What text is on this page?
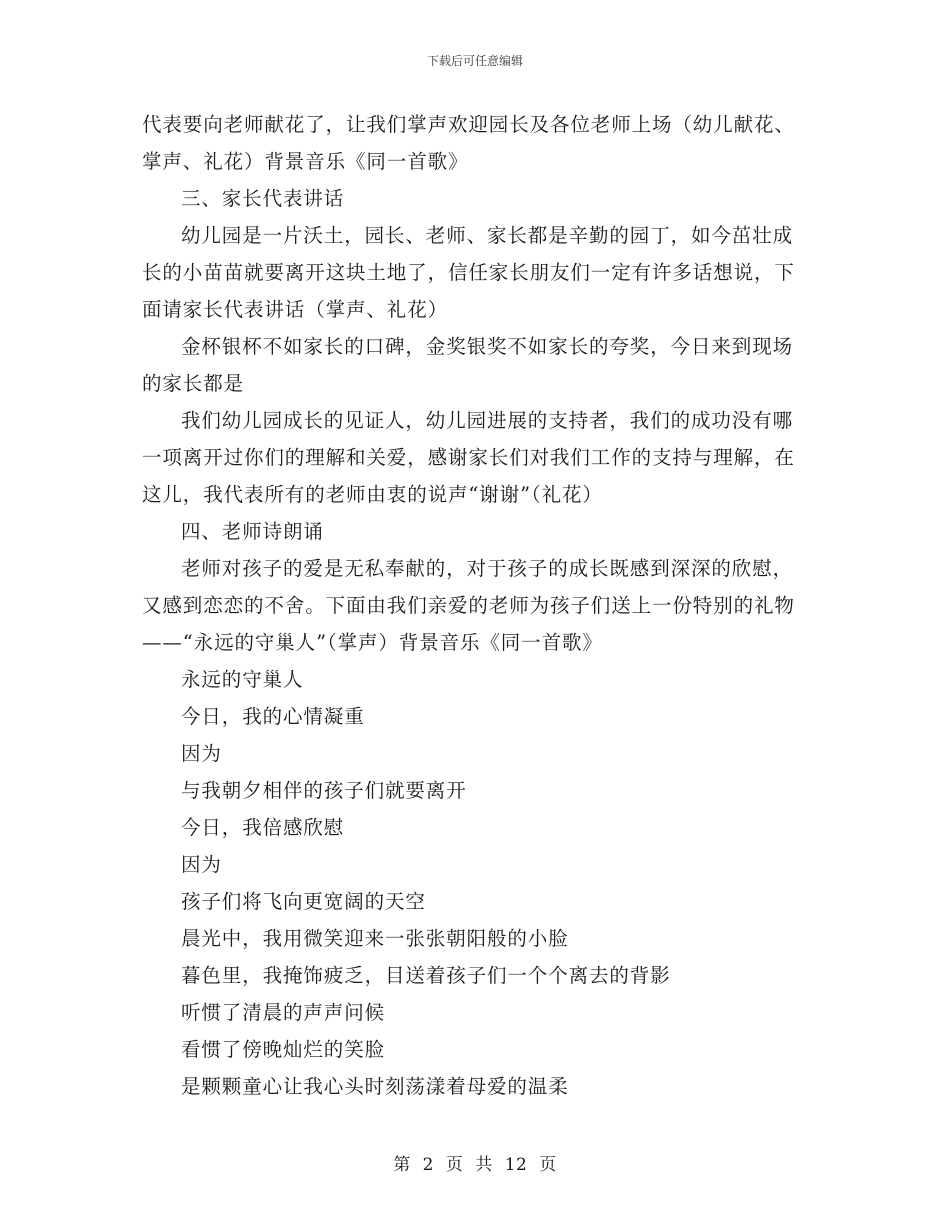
下载后可任意编辑

代表要向老师献花了，让我们掌声欢迎园长及各位老师上场（幼儿献花、掌声、礼花）背景音乐《同一首歌》

三、家长代表讲话

幼儿园是一片沃土，园长、老师、家长都是辛勤的园丁，如今茁壮成长的小苗苗就要离开这块土地了，信任家长朋友们一定有许多话想说，下面请家长代表讲话（掌声、礼花）

金杯银杯不如家长的口碑，金奖银奖不如家长的夸奖，今日来到现场的家长都是

我们幼儿园成长的见证人，幼儿园进展的支持者，我们的成功没有哪一项离开过你们的理解和关爱，感谢家长们对我们工作的支持与理解，在这儿，我代表所有的老师由衷的说声“谢谢”（礼花）

四、老师诗朗诵

老师对孩子的爱是无私奉献的，对于孩子的成长既感到深深的欣慰，又感到恋恋的不舍。下面由我们亲爱的老师为孩子们送上一份特别的礼物——“永远的守巢人”（掌声）背景音乐《同一首歌》

永远的守巢人

今日，我的心情凝重

因为

与我朝夕相伴的孩子们就要离开

今日，我倍感欣慰

因为

孩子们将飞向更宽阔的天空

晨光中，我用微笑迎来一张张朝阳般的小脸

暮色里，我掩饰疲乏，目送着孩子们一个个离去的背影

听惯了清晨的声声问候

看惯了傍晚灿烂的笑脸

是颗颗童心让我心头时刻荡漾着母爱的温柔

第 2 页 共 12 页
